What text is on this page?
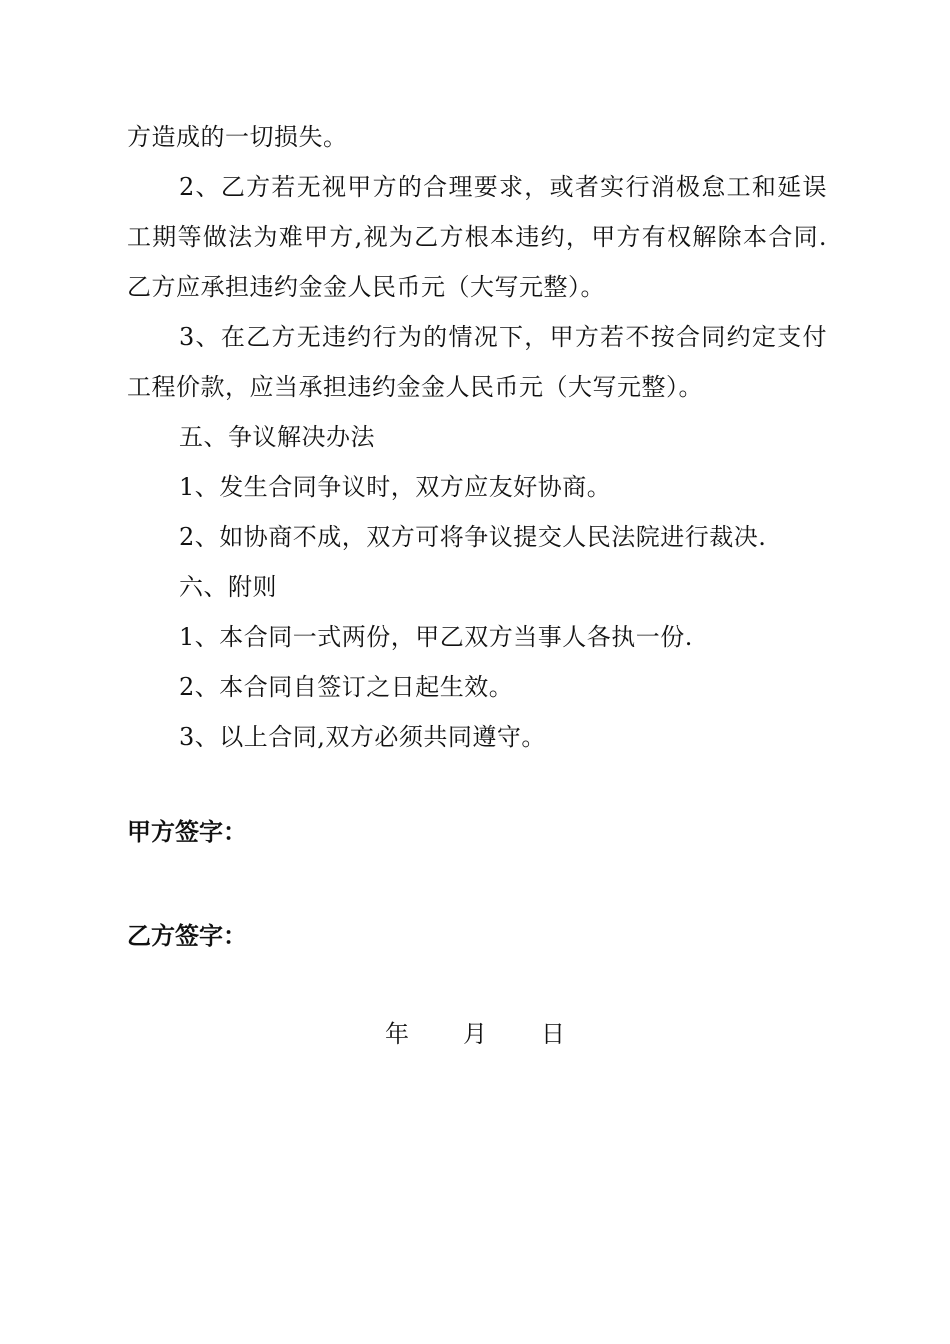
方造成的一切损失。

2、乙方若无视甲方的合理要求，或者实行消极怠工和延误工期等做法为难甲方,视为乙方根本违约，甲方有权解除本合同.乙方应承担违约金金人民币元（大写元整）。

3、在乙方无违约行为的情况下，甲方若不按合同约定支付工程价款，应当承担违约金金人民币元（大写元整）。

五、争议解决办法

1、发生合同争议时，双方应友好协商。

2、如协商不成，双方可将争议提交人民法院进行裁决.

六、附则

1、本合同一式两份，甲乙双方当事人各执一份.

2、本合同自签订之日起生效。

3、以上合同,双方必须共同遵守。

甲方签字：
乙方签字：
年	月	日
